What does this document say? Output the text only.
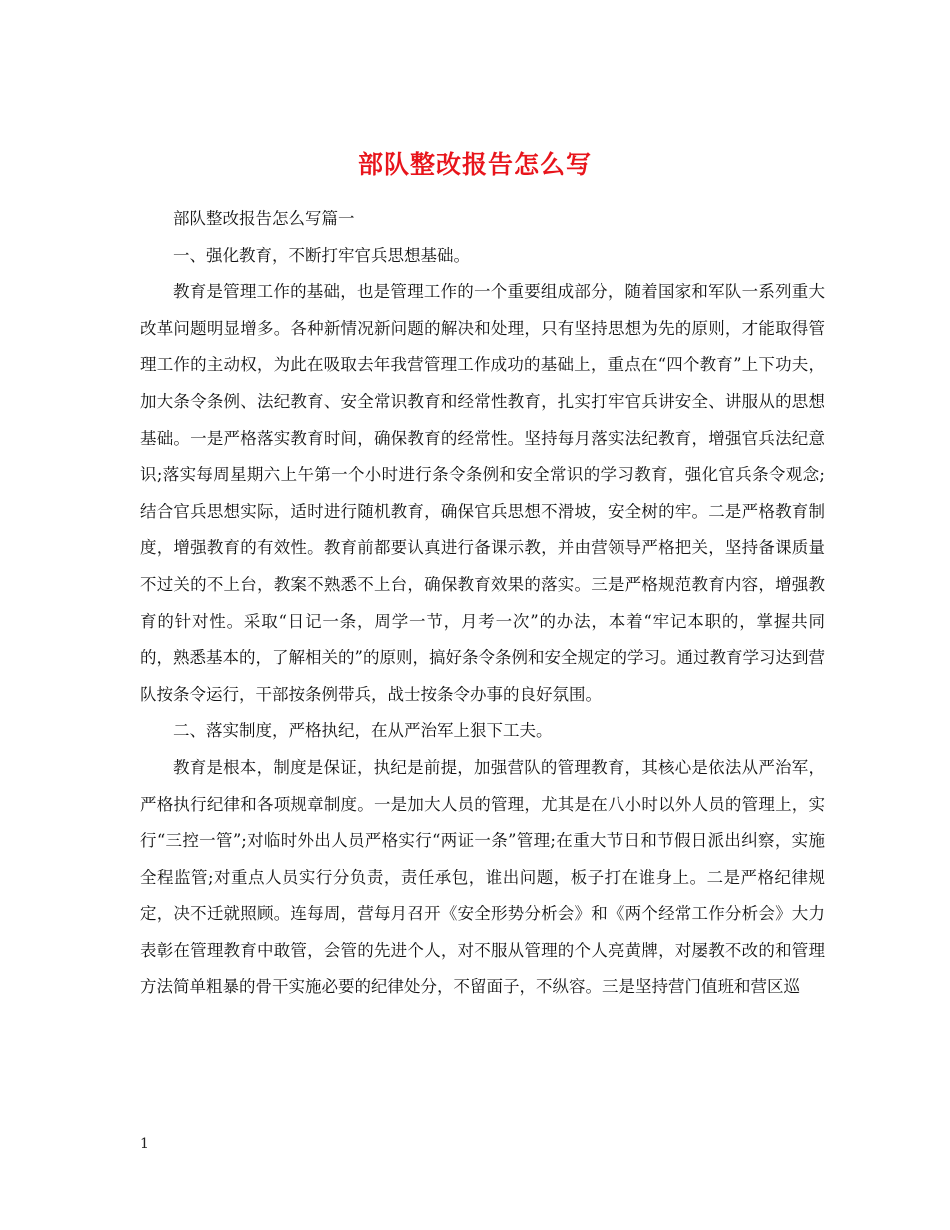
部队整改报告怎么写

部队整改报告怎么写篇一

一、强化教育，不断打牢官兵思想基础。

教育是管理工作的基础，也是管理工作的一个重要组成部分，随着国家和军队一系列重大改革问题明显增多。各种新情况新问题的解决和处理，只有坚持思想为先的原则，才能取得管理工作的主动权，为此在吸取去年我营管理工作成功的基础上，重点在“四个教育”上下功夫，加大条令条例、法纪教育、安全常识教育和经常性教育，扎实打牢官兵讲安全、讲服从的思想基础。一是严格落实教育时间，确保教育的经常性。坚持每月落实法纪教育，增强官兵法纪意识;落实每周星期六上午第一个小时进行条令条例和安全常识的学习教育，强化官兵条令观念;结合官兵思想实际，适时进行随机教育，确保官兵思想不滑坡，安全树的牢。二是严格教育制度，增强教育的有效性。教育前都要认真进行备课示教，并由营领导严格把关，坚持备课质量不过关的不上台，教案不熟悉不上台，确保教育效果的落实。三是严格规范教育内容，增强教育的针对性。采取“日记一条，周学一节，月考一次”的办法，本着“牢记本职的，掌握共同的，熟悉基本的，了解相关的”的原则，搞好条令条例和安全规定的学习。通过教育学习达到营队按条令运行，干部按条例带兵，战士按条令办事的良好氛围。

二、落实制度，严格执纪，在从严治军上狠下工夫。

教育是根本，制度是保证，执纪是前提，加强营队的管理教育，其核心是依法从严治军，严格执行纪律和各项规章制度。一是加大人员的管理，尤其是在八小时以外人员的管理上，实行“三控一管”;对临时外出人员严格实行“两证一条”管理;在重大节日和节假日派出纠察，实施全程监管;对重点人员实行分负责，责任承包，谁出问题，板子打在谁身上。二是严格纪律规定，决不迁就照顾。连每周，营每月召开《安全形势分析会》和《两个经常工作分析会》大力表彰在管理教育中敢管，会管的先进个人，对不服从管理的个人亮黄牌，对屡教不改的和管理方法简单粗暴的骨干实施必要的纪律处分，不留面子，不纵容。三是坚持营门值班和营区巡

1
